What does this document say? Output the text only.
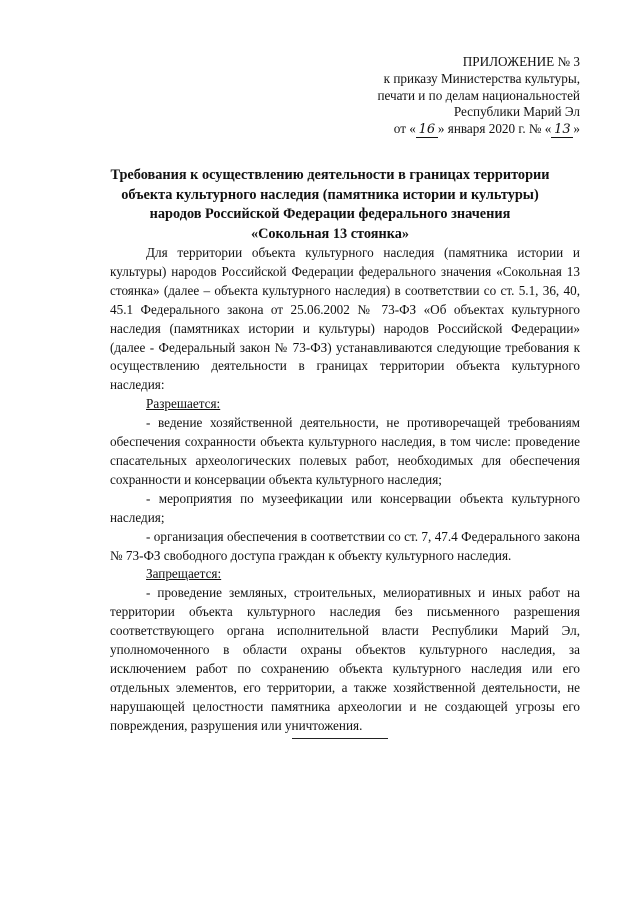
ПРИЛОЖЕНИЕ № 3
к приказу Министерства культуры,
печати и по делам национальностей
Республики Марий Эл
от « 16 » января 2020 г. № « 13 »
Требования к осуществлению деятельности в границах территории
объекта культурного наследия (памятника истории и культуры)
народов Российской Федерации федерального значения
«Сокольная 13 стоянка»

Для территории объекта культурного наследия (памятника истории и культуры) народов Российской Федерации федерального значения «Сокольная 13 стоянка» (далее – объекта культурного наследия) в соответствии со ст. 5.1, 36, 40, 45.1 Федерального закона от 25.06.2002 № 73-ФЗ «Об объектах культурного наследия (памятниках истории и культуры) народов Российской Федерации» (далее - Федеральный закон № 73-ФЗ) устанавливаются следующие требования к осуществлению деятельности в границах территории объекта культурного наследия:

Разрешается:

- ведение хозяйственной деятельности, не противоречащей требованиям обеспечения сохранности объекта культурного наследия, в том числе: проведение спасательных археологических полевых работ, необходимых для обеспечения сохранности и консервации объекта культурного наследия;

- мероприятия по музеефикации или консервации объекта культурного наследия;

- организация обеспечения в соответствии со ст. 7, 47.4 Федерального закона № 73-ФЗ свободного доступа граждан к объекту культурного наследия.

Запрещается:

- проведение земляных, строительных, мелиоративных и иных работ на территории объекта культурного наследия без письменного разрешения соответствующего органа исполнительной власти Республики Марий Эл, уполномоченного в области охраны объектов культурного наследия, за исключением работ по сохранению объекта культурного наследия или его отдельных элементов, его территории, а также хозяйственной деятельности, не нарушающей целостности памятника археологии и не создающей угрозы его повреждения, разрушения или уничтожения.
